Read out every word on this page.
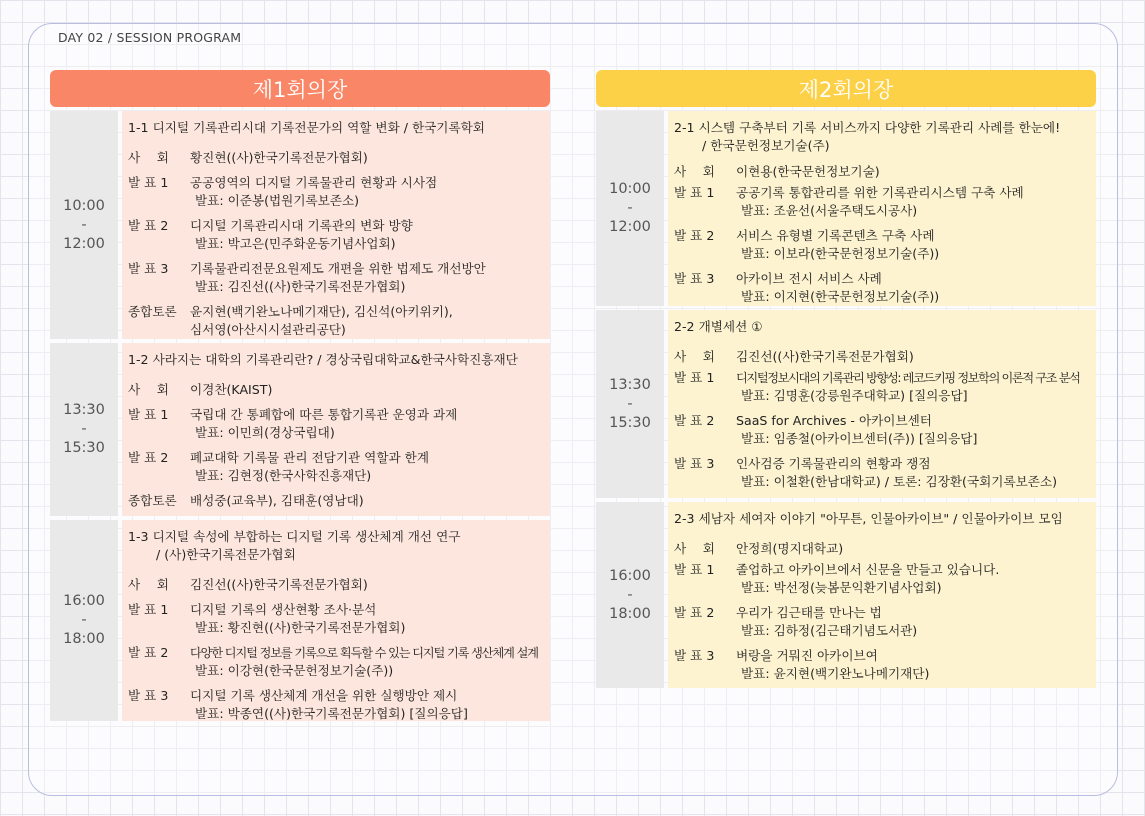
DAY 02 / SESSION PROGRAM
제1회의장
10:00
-
12:00
1-1 디지털 기록관리시대 기록전문가의 역할 변화 / 한국기록학회
사　 회	황진현((사)한국기록전문가협회)
발 표 1	공공영역의 디지털 기록물관리 현황과 시사점
발표: 이준봉(법원기록보존소)
발 표 2	디지털 기록관리시대 기록관의 변화 방향
발표: 박고은(민주화운동기념사업회)
발 표 3	기록물관리전문요원제도 개편을 위한 법제도 개선방안
발표: 김진선((사)한국기록전문가협회)
종합토론	윤지현(백기완노나메기재단), 김신석(아키위키),
심서영(아산시시설관리공단)
13:30
-
15:30
1-2 사라지는 대학의 기록관리란? / 경상국립대학교&한국사학진흥재단
사　 회	이경찬(KAIST)
발 표 1	국립대 간 통폐합에 따른 통합기록관 운영과 과제
발표: 이민희(경상국립대)
발 표 2	폐교대학 기록물 관리 전담기관 역할과 한계
발표: 김현정(한국사학진흥재단)
종합토론	배성중(교육부), 김태훈(영남대)
16:00
-
18:00
1-3 디지털 속성에 부합하는 디지털 기록 생산체계 개선 연구
/ (사)한국기록전문가협회
사　 회	김진선((사)한국기록전문가협회)
발 표 1	디지털 기록의 생산현황 조사·분석
발표: 황진현((사)한국기록전문가협회)
발 표 2	다양한 디지털 정보를 기록으로 획득할 수 있는 디지털 기록 생산체계 설계
발표: 이강현(한국문헌정보기술(주))
발 표 3	디지털 기록 생산체계 개선을 위한 실행방안 제시
발표: 박종연((사)한국기록전문가협회) [질의응답]
제2회의장
10:00
-
12:00
2-1 시스템 구축부터 기록 서비스까지 다양한 기록관리 사례를 한눈에!
/ 한국문헌정보기술(주)
사　 회	이현용(한국문헌정보기술)
발 표 1	공공기록 통합관리를 위한 기록관리시스템 구축 사례
발표: 조윤선(서울주택도시공사)
발 표 2	서비스 유형별 기록콘텐츠 구축 사례
발표: 이보라(한국문헌정보기술(주))
발 표 3	아카이브 전시 서비스 사례
발표: 이지현(한국문헌정보기술(주))
13:30
-
15:30
2-2 개별세션 ①
사　 회	김진선((사)한국기록전문가협회)
발 표 1	디지털정보시대의 기록관리 방향성: 레코드키핑 정보학의 이론적 구조 분석
발표: 김명훈(강릉원주대학교) [질의응답]
발 표 2	SaaS for Archives - 아카이브센터
발표: 임종철(아카이브센터(주)) [질의응답]
발 표 3	인사검증 기록물관리의 현황과 쟁점
발표: 이철환(한남대학교) / 토론: 김장환(국회기록보존소)
16:00
-
18:00
2-3 세남자 세여자 이야기 "아무튼, 인물아카이브" / 인물아카이브 모임
사　 회	안정희(명지대학교)
발 표 1	졸업하고 아카이브에서 신문을 만들고 있습니다.
발표: 박선정(늦봄문익환기념사업회)
발 표 2	우리가 김근태를 만나는 법
발표: 김하정(김근태기념도서관)
발 표 3	벼랑을 거뭐진 아카이브여
발표: 윤지현(백기완노나메기재단)
